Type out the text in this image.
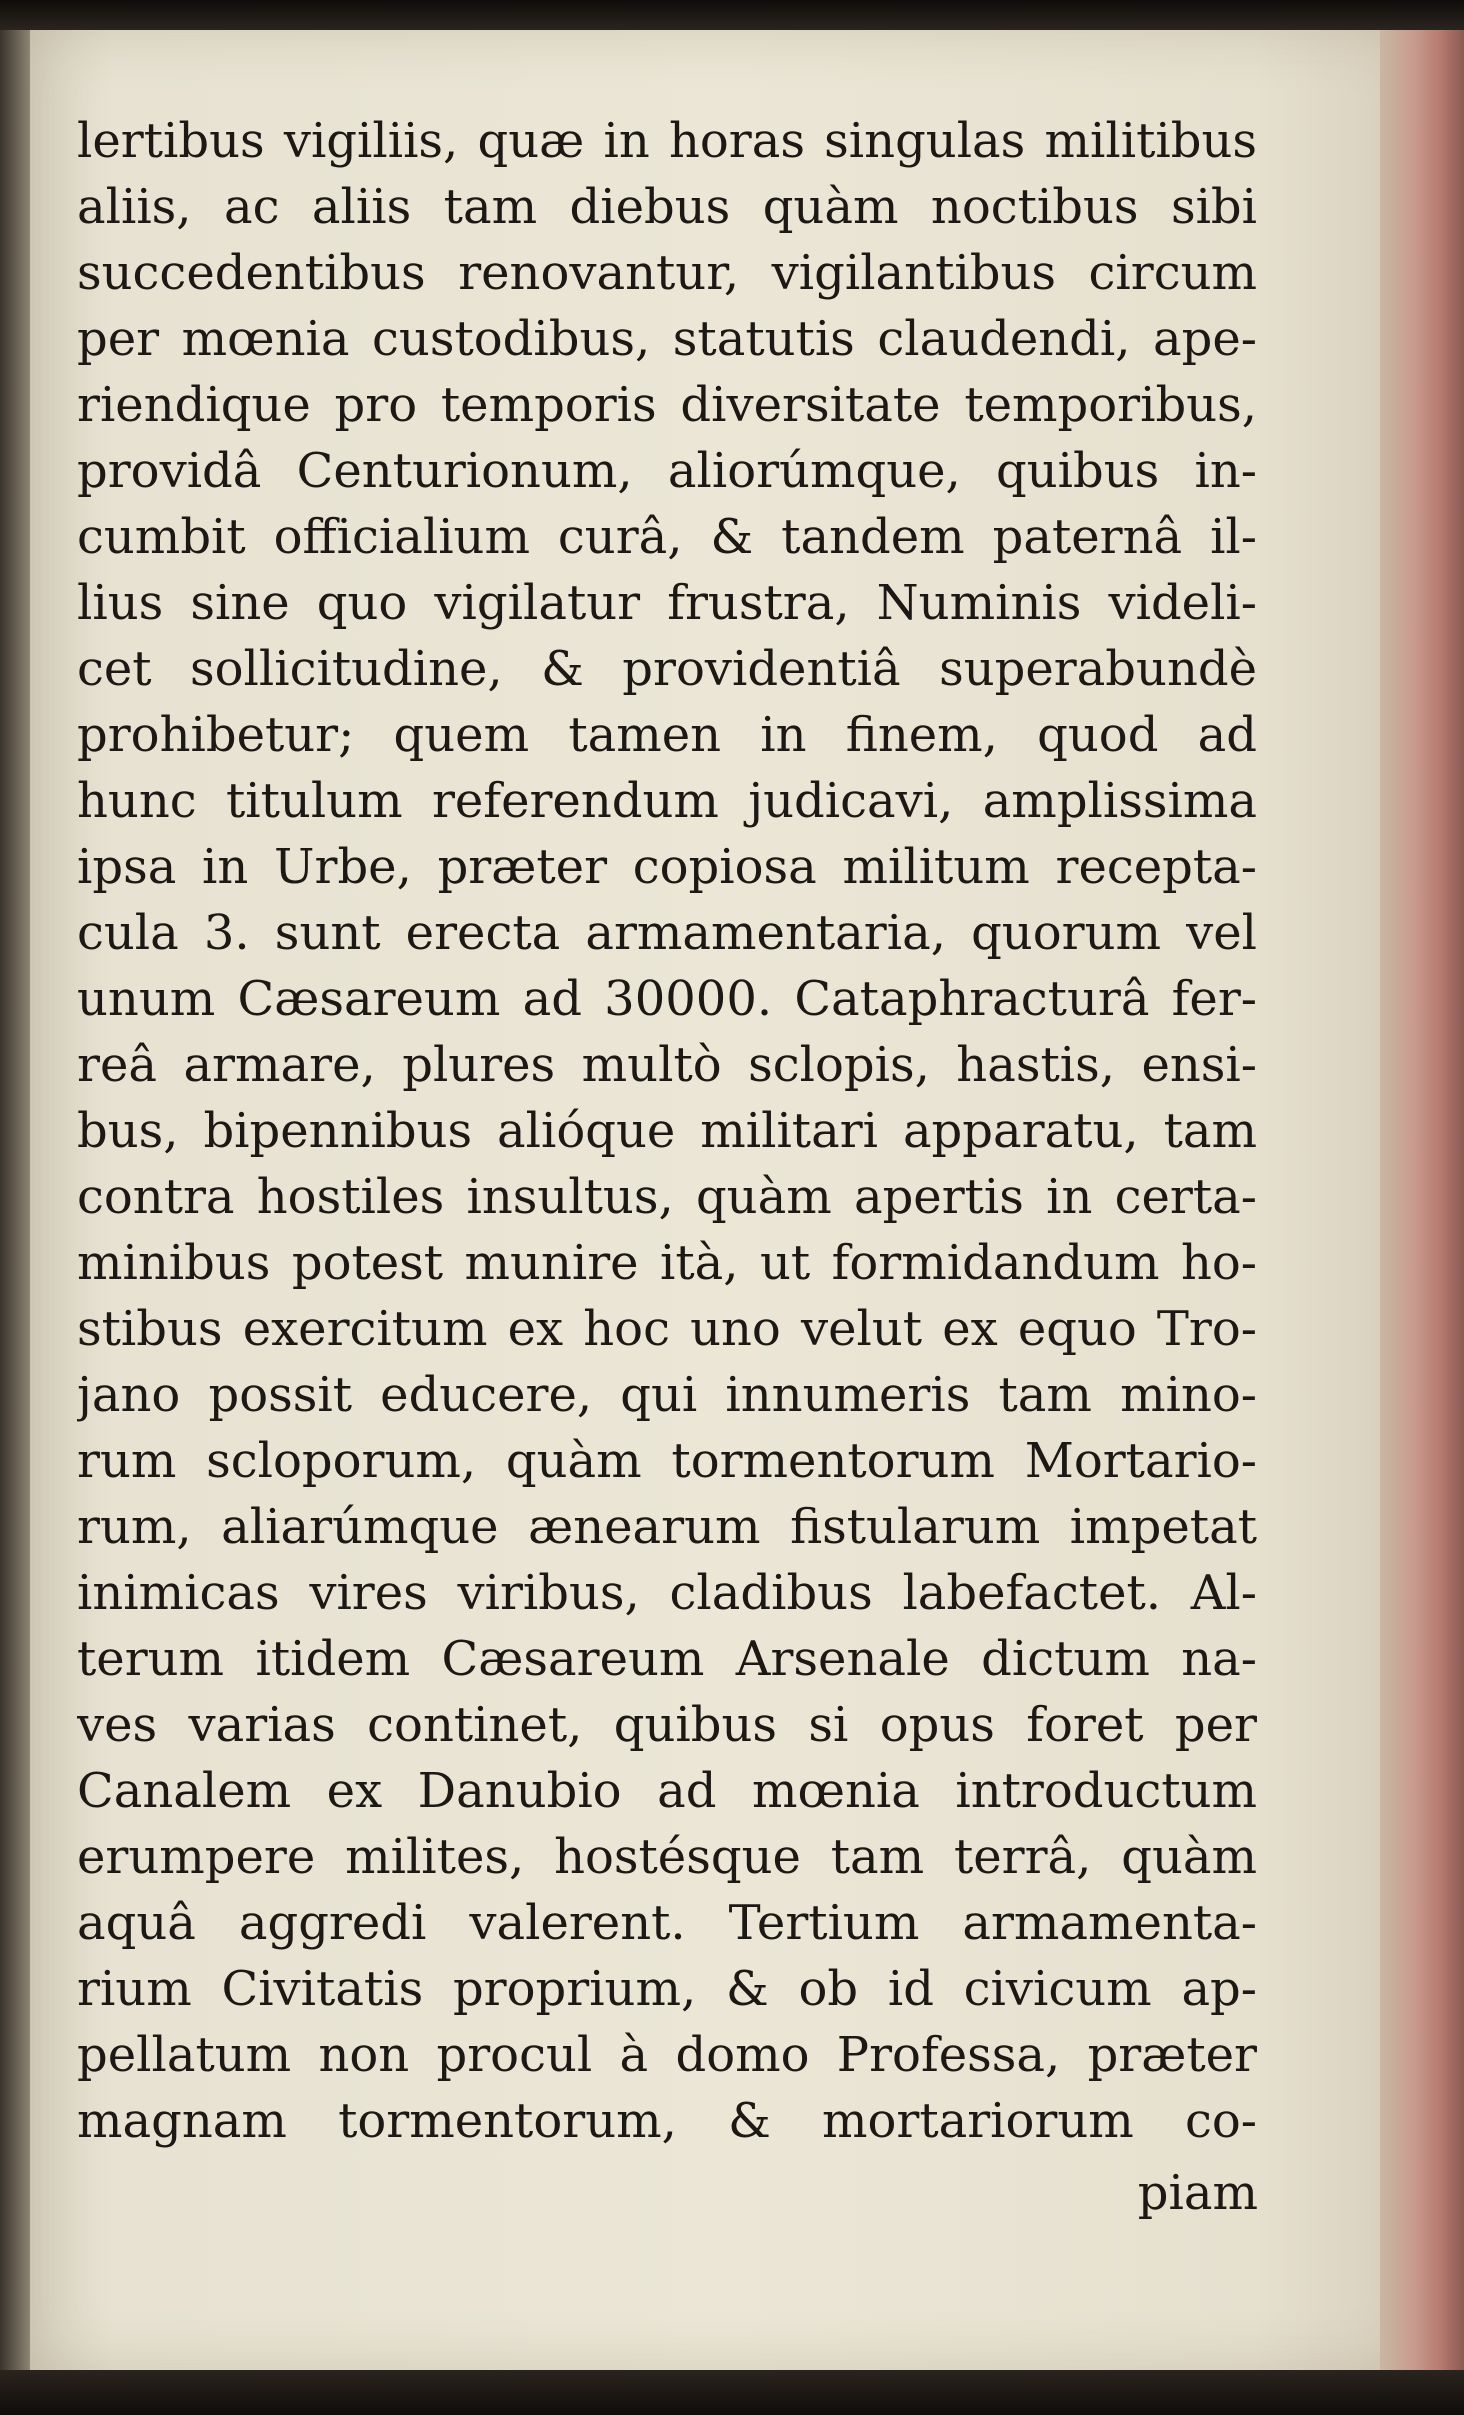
lertibus vigiliis, quæ in horas singulas militibus
aliis, ac aliis tam diebus quàm noctibus sibi
succedentibus renovantur, vigilantibus circum
per mœnia custodibus, statutis claudendi, ape-
riendique pro temporis diversitate temporibus,
providâ Centurionum, aliorúmque, quibus in-
cumbit officialium curâ, & tandem paternâ il-
lius sine quo vigilatur frustra, Numinis videli-
cet sollicitudine, & providentiâ superabundè
prohibetur; quem tamen in finem, quod ad
hunc titulum referendum judicavi, amplissima
ipsa in Urbe, præter copiosa militum recepta-
cula 3. sunt erecta armamentaria, quorum vel
unum Cæsareum ad 30000. Cataphracturâ fer-
reâ armare, plures multò sclopis, hastis, ensi-
bus, bipennibus alióque militari apparatu, tam
contra hostiles insultus, quàm apertis in certa-
minibus potest munire ità, ut formidandum ho-
stibus exercitum ex hoc uno velut ex equo Tro-
jano possit educere, qui innumeris tam mino-
rum scloporum, quàm tormentorum Mortario-
rum, aliarúmque ænearum fistularum impetat
inimicas vires viribus, cladibus labefactet. Al-
terum itidem Cæsareum Arsenale dictum na-
ves varias continet, quibus si opus foret per
Canalem ex Danubio ad mœnia introductum
erumpere milites, hostésque tam terrâ, quàm
aquâ aggredi valerent. Tertium armamenta-
rium Civitatis proprium, & ob id civicum ap-
pellatum non procul à domo Professa, præter
magnam tormentorum, & mortariorum co-
piam
